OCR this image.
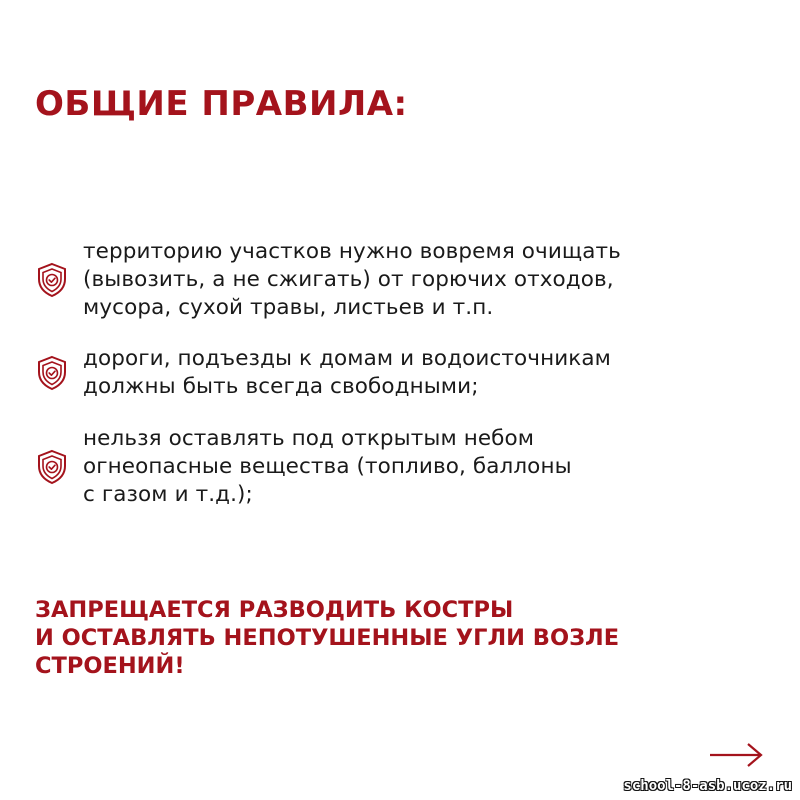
ОБЩИЕ ПРАВИЛА:
территорию участков нужно вовремя очищать
(вывозить, а не сжигать) от горючих отходов,
мусора, сухой травы, листьев и т.п.
дороги, подъезды к домам и водоисточникам
должны быть всегда свободными;
нельзя оставлять под открытым небом
огнеопасные вещества (топливо, баллоны
с газом и т.д.);
ЗАПРЕЩАЕТСЯ РАЗВОДИТЬ КОСТРЫ
И ОСТАВЛЯТЬ НЕПОТУШЕННЫЕ УГЛИ ВОЗЛЕ
СТРОЕНИЙ!
school-8-asb.ucoz.ru
